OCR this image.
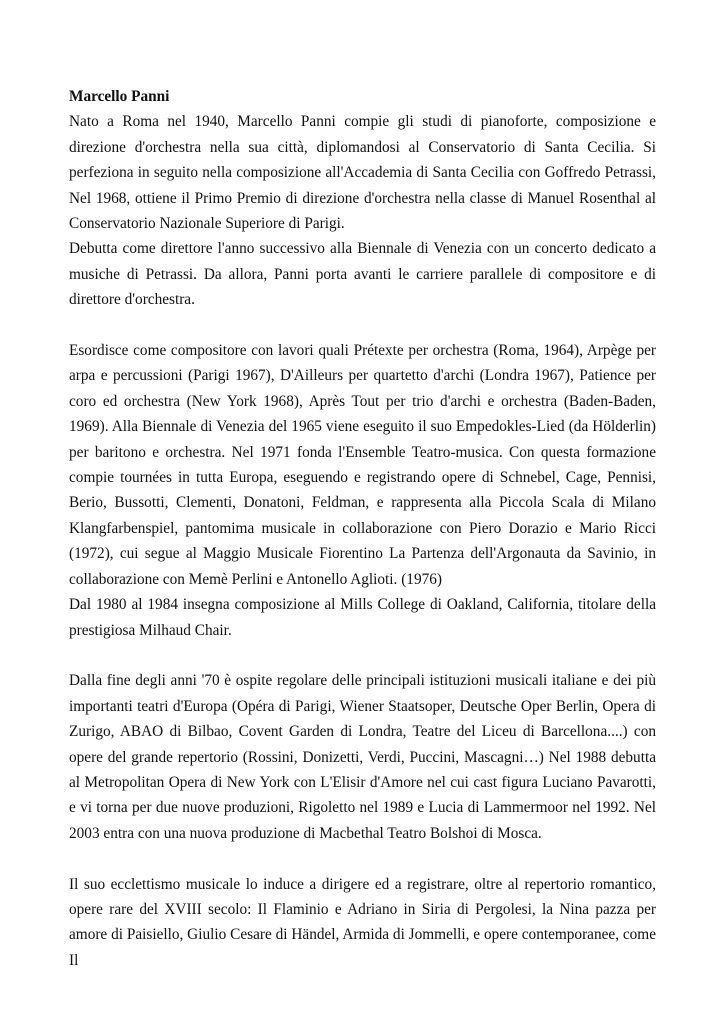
Marcello Panni

Nato a Roma nel 1940, Marcello Panni compie gli studi di pianoforte, composizione e direzione d'orchestra nella sua città, diplomandosi al Conservatorio di Santa Cecilia. Si perfeziona in seguito nella composizione all'Accademia di Santa Cecilia con Goffredo Petrassi, Nel 1968, ottiene il Primo Premio di direzione d'orchestra nella classe di Manuel Rosenthal al Conservatorio Nazionale Superiore di Parigi.

Debutta come direttore l'anno successivo alla Biennale di Venezia con un concerto dedicato a musiche di Petrassi. Da allora, Panni porta avanti le carriere parallele di compositore e di direttore d'orchestra.

Esordisce come compositore con lavori quali Prétexte per orchestra (Roma, 1964), Arpège per arpa e percussioni (Parigi 1967), D'Ailleurs per quartetto d'archi (Londra 1967), Patience per coro ed orchestra (New York 1968), Après Tout per trio d'archi e orchestra (Baden-Baden, 1969). Alla Biennale di Venezia del 1965 viene eseguito il suo Empedokles-Lied (da Hölderlin) per baritono e orchestra. Nel 1971 fonda l'Ensemble Teatro-musica. Con questa formazione compie tournées in tutta Europa, eseguendo e registrando opere di Schnebel, Cage, Pennisi, Berio, Bussotti, Clementi, Donatoni, Feldman, e rappresenta alla Piccola Scala di Milano Klangfarbenspiel, pantomima musicale in collaborazione con Piero Dorazio e Mario Ricci (1972), cui segue al Maggio Musicale Fiorentino La Partenza dell'Argonauta da Savinio, in collaborazione con Memè Perlini e Antonello Aglioti. (1976)

Dal 1980 al 1984 insegna composizione al Mills College di Oakland, California, titolare della prestigiosa Milhaud Chair.

Dalla fine degli anni '70 è ospite regolare delle principali istituzioni musicali italiane e dei più importanti teatri d'Europa (Opéra di Parigi, Wiener Staatsoper, Deutsche Oper Berlin, Opera di Zurigo, ABAO di Bilbao, Covent Garden di Londra, Teatre del Liceu di Barcellona....) con opere del grande repertorio (Rossini, Donizetti, Verdi, Puccini, Mascagni…) Nel 1988 debutta al Metropolitan Opera di New York con L'Elisir d'Amore nel cui cast figura Luciano Pavarotti, e vi torna per due nuove produzioni, Rigoletto nel 1989 e Lucia di Lammermoor nel 1992. Nel 2003 entra con una nuova produzione di Macbethal Teatro Bolshoi di Mosca.

Il suo ecclettismo musicale lo induce a dirigere ed a registrare, oltre al repertorio romantico, opere rare del XVIII secolo: Il Flaminio e Adriano in Siria di Pergolesi, la Nina pazza per amore di Paisiello, Giulio Cesare di Händel, Armida di Jommelli, e opere contemporanee, come Il
